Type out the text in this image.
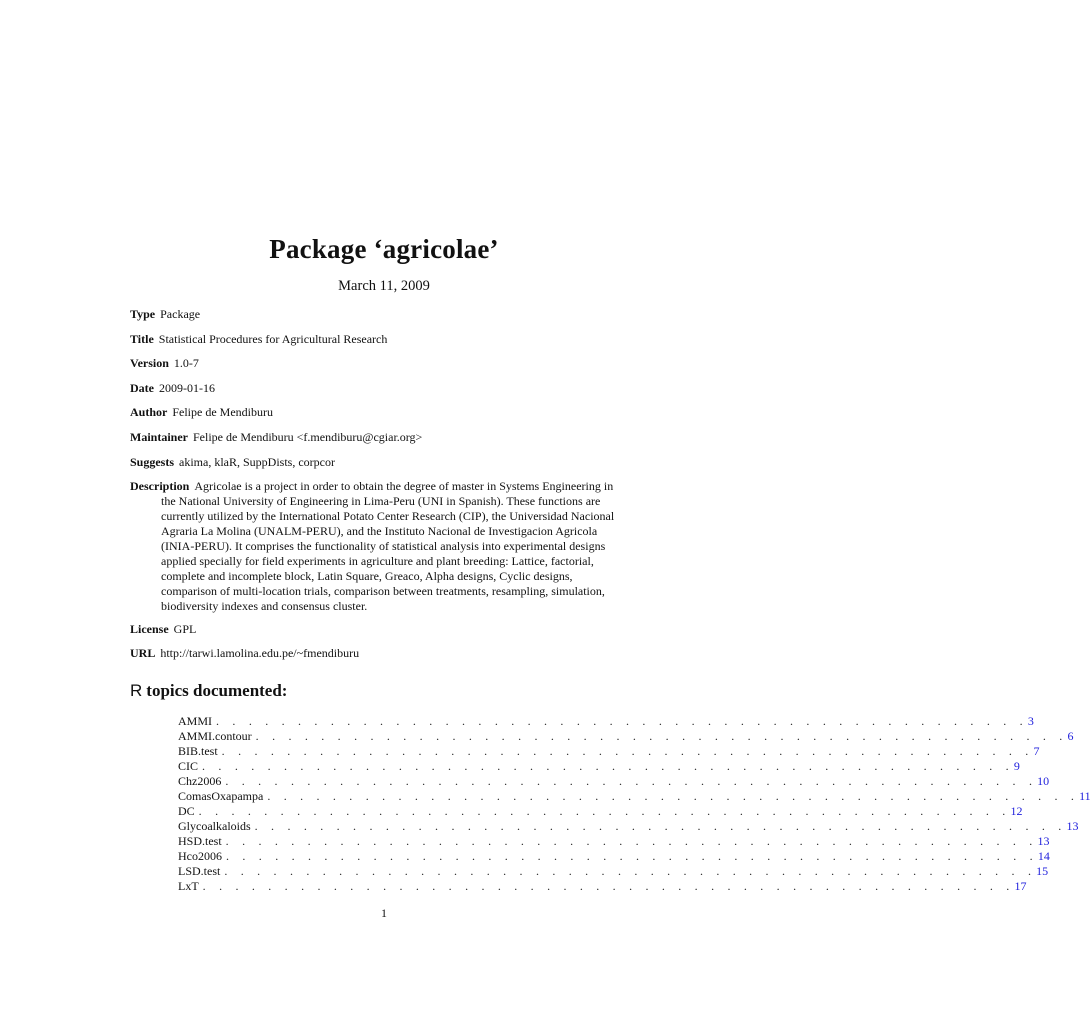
Package ‘agricolae’
March 11, 2009
Type Package
Title Statistical Procedures for Agricultural Research
Version 1.0-7
Date 2009-01-16
Author Felipe de Mendiburu
Maintainer Felipe de Mendiburu <f.mendiburu@cgiar.org>
Suggests akima, klaR, SuppDists, corpcor
Description Agricolae is a project in order to obtain the degree of master in Systems Engineering in
the National University of Engineering in Lima-Peru (UNI in Spanish). These functions are
currently utilized by the International Potato Center Research (CIP), the Universidad Nacional
Agraria La Molina (UNALM-PERU), and the Instituto Nacional de Investigacion Agricola
(INIA-PERU). It comprises the functionality of statistical analysis into experimental designs
applied specially for field experiments in agriculture and plant breeding: Lattice, factorial,
complete and incomplete block, Latin Square, Greaco, Alpha designs, Cyclic designs,
comparison of multi-location trials, comparison between treatments, resampling, simulation,
biodiversity indexes and consensus cluster.
License GPL
URL http://tarwi.lamolina.edu.pe/~fmendiburu
R topics documented:
AMMI . . . . . . . . . . . . . . . . . . . . . . . . . . . . . . . . . . . . . . . . . . . . . . . . . . 3
AMMI.contour . . . . . . . . . . . . . . . . . . . . . . . . . . . . . . . . . . . . . . . . . . . . . . . . . . 6
BIB.test . . . . . . . . . . . . . . . . . . . . . . . . . . . . . . . . . . . . . . . . . . . . . . . . . . 7
CIC . . . . . . . . . . . . . . . . . . . . . . . . . . . . . . . . . . . . . . . . . . . . . . . . . . 9
Chz2006 . . . . . . . . . . . . . . . . . . . . . . . . . . . . . . . . . . . . . . . . . . . . . . . . . . 10
ComasOxapampa . . . . . . . . . . . . . . . . . . . . . . . . . . . . . . . . . . . . . . . . . . . . . . . . . . 11
DC . . . . . . . . . . . . . . . . . . . . . . . . . . . . . . . . . . . . . . . . . . . . . . . . . . 12
Glycoalkaloids . . . . . . . . . . . . . . . . . . . . . . . . . . . . . . . . . . . . . . . . . . . . . . . . . . 13
HSD.test . . . . . . . . . . . . . . . . . . . . . . . . . . . . . . . . . . . . . . . . . . . . . . . . . . 13
Hco2006 . . . . . . . . . . . . . . . . . . . . . . . . . . . . . . . . . . . . . . . . . . . . . . . . . . 14
LSD.test . . . . . . . . . . . . . . . . . . . . . . . . . . . . . . . . . . . . . . . . . . . . . . . . . . 15
LxT . . . . . . . . . . . . . . . . . . . . . . . . . . . . . . . . . . . . . . . . . . . . . . . . . . 17
1
